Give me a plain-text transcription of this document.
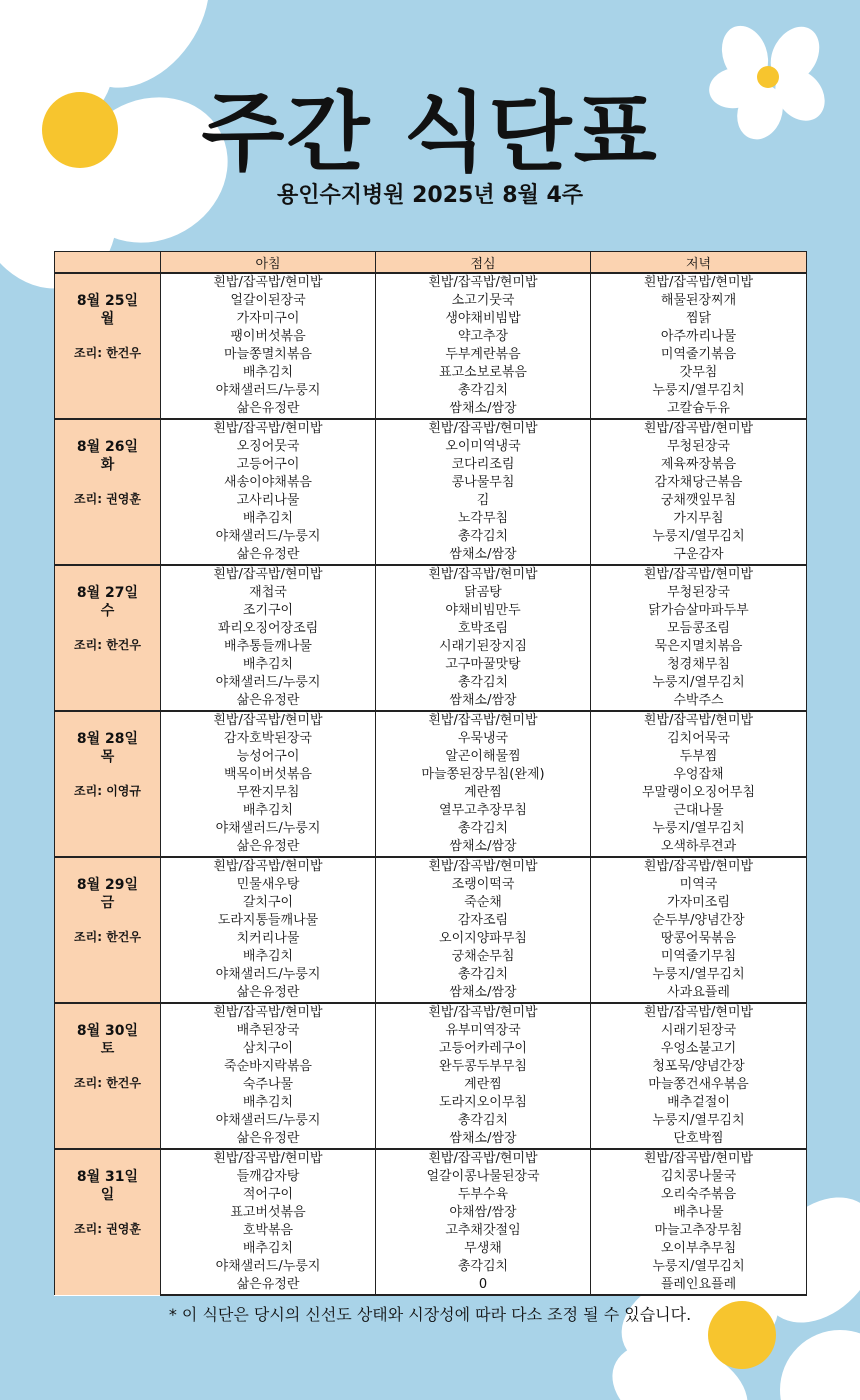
주간 식단표
용인수지병원 2025년 8월 4주
	아침	점심	저녁

8월 25일
월
조리: 한건우	흰밥/잡곡밥/현미밥	흰밥/잡곡밥/현미밥	흰밥/잡곡밥/현미밥
	얼갈이된장국	소고기뭇국	해물된장찌개
	가자미구이	생야채비빔밥	찜닭
	팽이버섯볶음	약고추장	아주까리나물
	마늘쫑멸치볶음	두부계란볶음	미역줄기볶음
	배추김치	표고소보로볶음	갓무침
	야채샐러드/누룽지	총각김치	누룽지/열무김치
	삶은유정란	쌈채소/쌈장	고칼슘두유

8월 26일
화
조리: 권영훈	흰밥/잡곡밥/현미밥	흰밥/잡곡밥/현미밥	흰밥/잡곡밥/현미밥
	오징어뭇국	오이미역냉국	무청된장국
	고등어구이	코다리조림	제육짜장볶음
	새송이야채볶음	콩나물무침	감자채당근볶음
	고사리나물	김	궁채깻잎무침
	배추김치	노각무침	가지무침
	야채샐러드/누룽지	총각김치	누룽지/열무김치
	삶은유정란	쌈채소/쌈장	구운감자

8월 27일
수
조리: 한건우	흰밥/잡곡밥/현미밥	흰밥/잡곡밥/현미밥	흰밥/잡곡밥/현미밥
	재첩국	닭곰탕	무청된장국
	조기구이	야채비빔만두	닭가슴살마파두부
	꽈리오징어장조림	호박조림	모듬콩조림
	배추통들깨나물	시래기된장지짐	묵은지멸치볶음
	배추김치	고구마꿀맛탕	청경채무침
	야채샐러드/누룽지	총각김치	누룽지/열무김치
	삶은유정란	쌈채소/쌈장	수박주스

8월 28일
목
조리: 이영규	흰밥/잡곡밥/현미밥	흰밥/잡곡밥/현미밥	흰밥/잡곡밥/현미밥
	감자호박된장국	우묵냉국	김치어묵국
	능성어구이	알곤이해물찜	두부찜
	백목이버섯볶음	마늘쫑된장무침(완제)	우엉잡채
	무짠지무침	계란찜	무말랭이오징어무침
	배추김치	열무고추장무침	근대나물
	야채샐러드/누룽지	총각김치	누룽지/열무김치
	삶은유정란	쌈채소/쌈장	오색하루견과

8월 29일
금
조리: 한건우	흰밥/잡곡밥/현미밥	흰밥/잡곡밥/현미밥	흰밥/잡곡밥/현미밥
	민물새우탕	조랭이떡국	미역국
	갈치구이	죽순채	가자미조림
	도라지통들깨나물	감자조림	순두부/양념간장
	치커리나물	오이지양파무침	땅콩어묵볶음
	배추김치	궁채순무침	미역줄기무침
	야채샐러드/누룽지	총각김치	누룽지/열무김치
	삶은유정란	쌈채소/쌈장	사과요플레

8월 30일
토
조리: 한건우	흰밥/잡곡밥/현미밥	흰밥/잡곡밥/현미밥	흰밥/잡곡밥/현미밥
	배추된장국	유부미역장국	시래기된장국
	삼치구이	고등어카레구이	우엉소불고기
	죽순바지락볶음	완두콩두부무침	청포묵/양념간장
	숙주나물	계란찜	마늘쫑건새우볶음
	배추김치	도라지오이무침	배추겉절이
	야채샐러드/누룽지	총각김치	누룽지/열무김치
	삶은유정란	쌈채소/쌈장	단호박찜

8월 31일
일
조리: 권영훈	흰밥/잡곡밥/현미밥	흰밥/잡곡밥/현미밥	흰밥/잡곡밥/현미밥
	들깨감자탕	얼갈이콩나물된장국	김치콩나물국
	적어구이	두부수육	오리숙주볶음
	표고버섯볶음	야채쌈/쌈장	배추나물
	호박볶음	고추채갓절임	마늘고추장무침
	배추김치	무생채	오이부추무침
	야채샐러드/누룽지	총각김치	누룽지/열무김치
	삶은유정란	0	플레인요플레
* 이 식단은 당시의 신선도 상태와 시장성에 따라 다소 조정 될 수 있습니다.
